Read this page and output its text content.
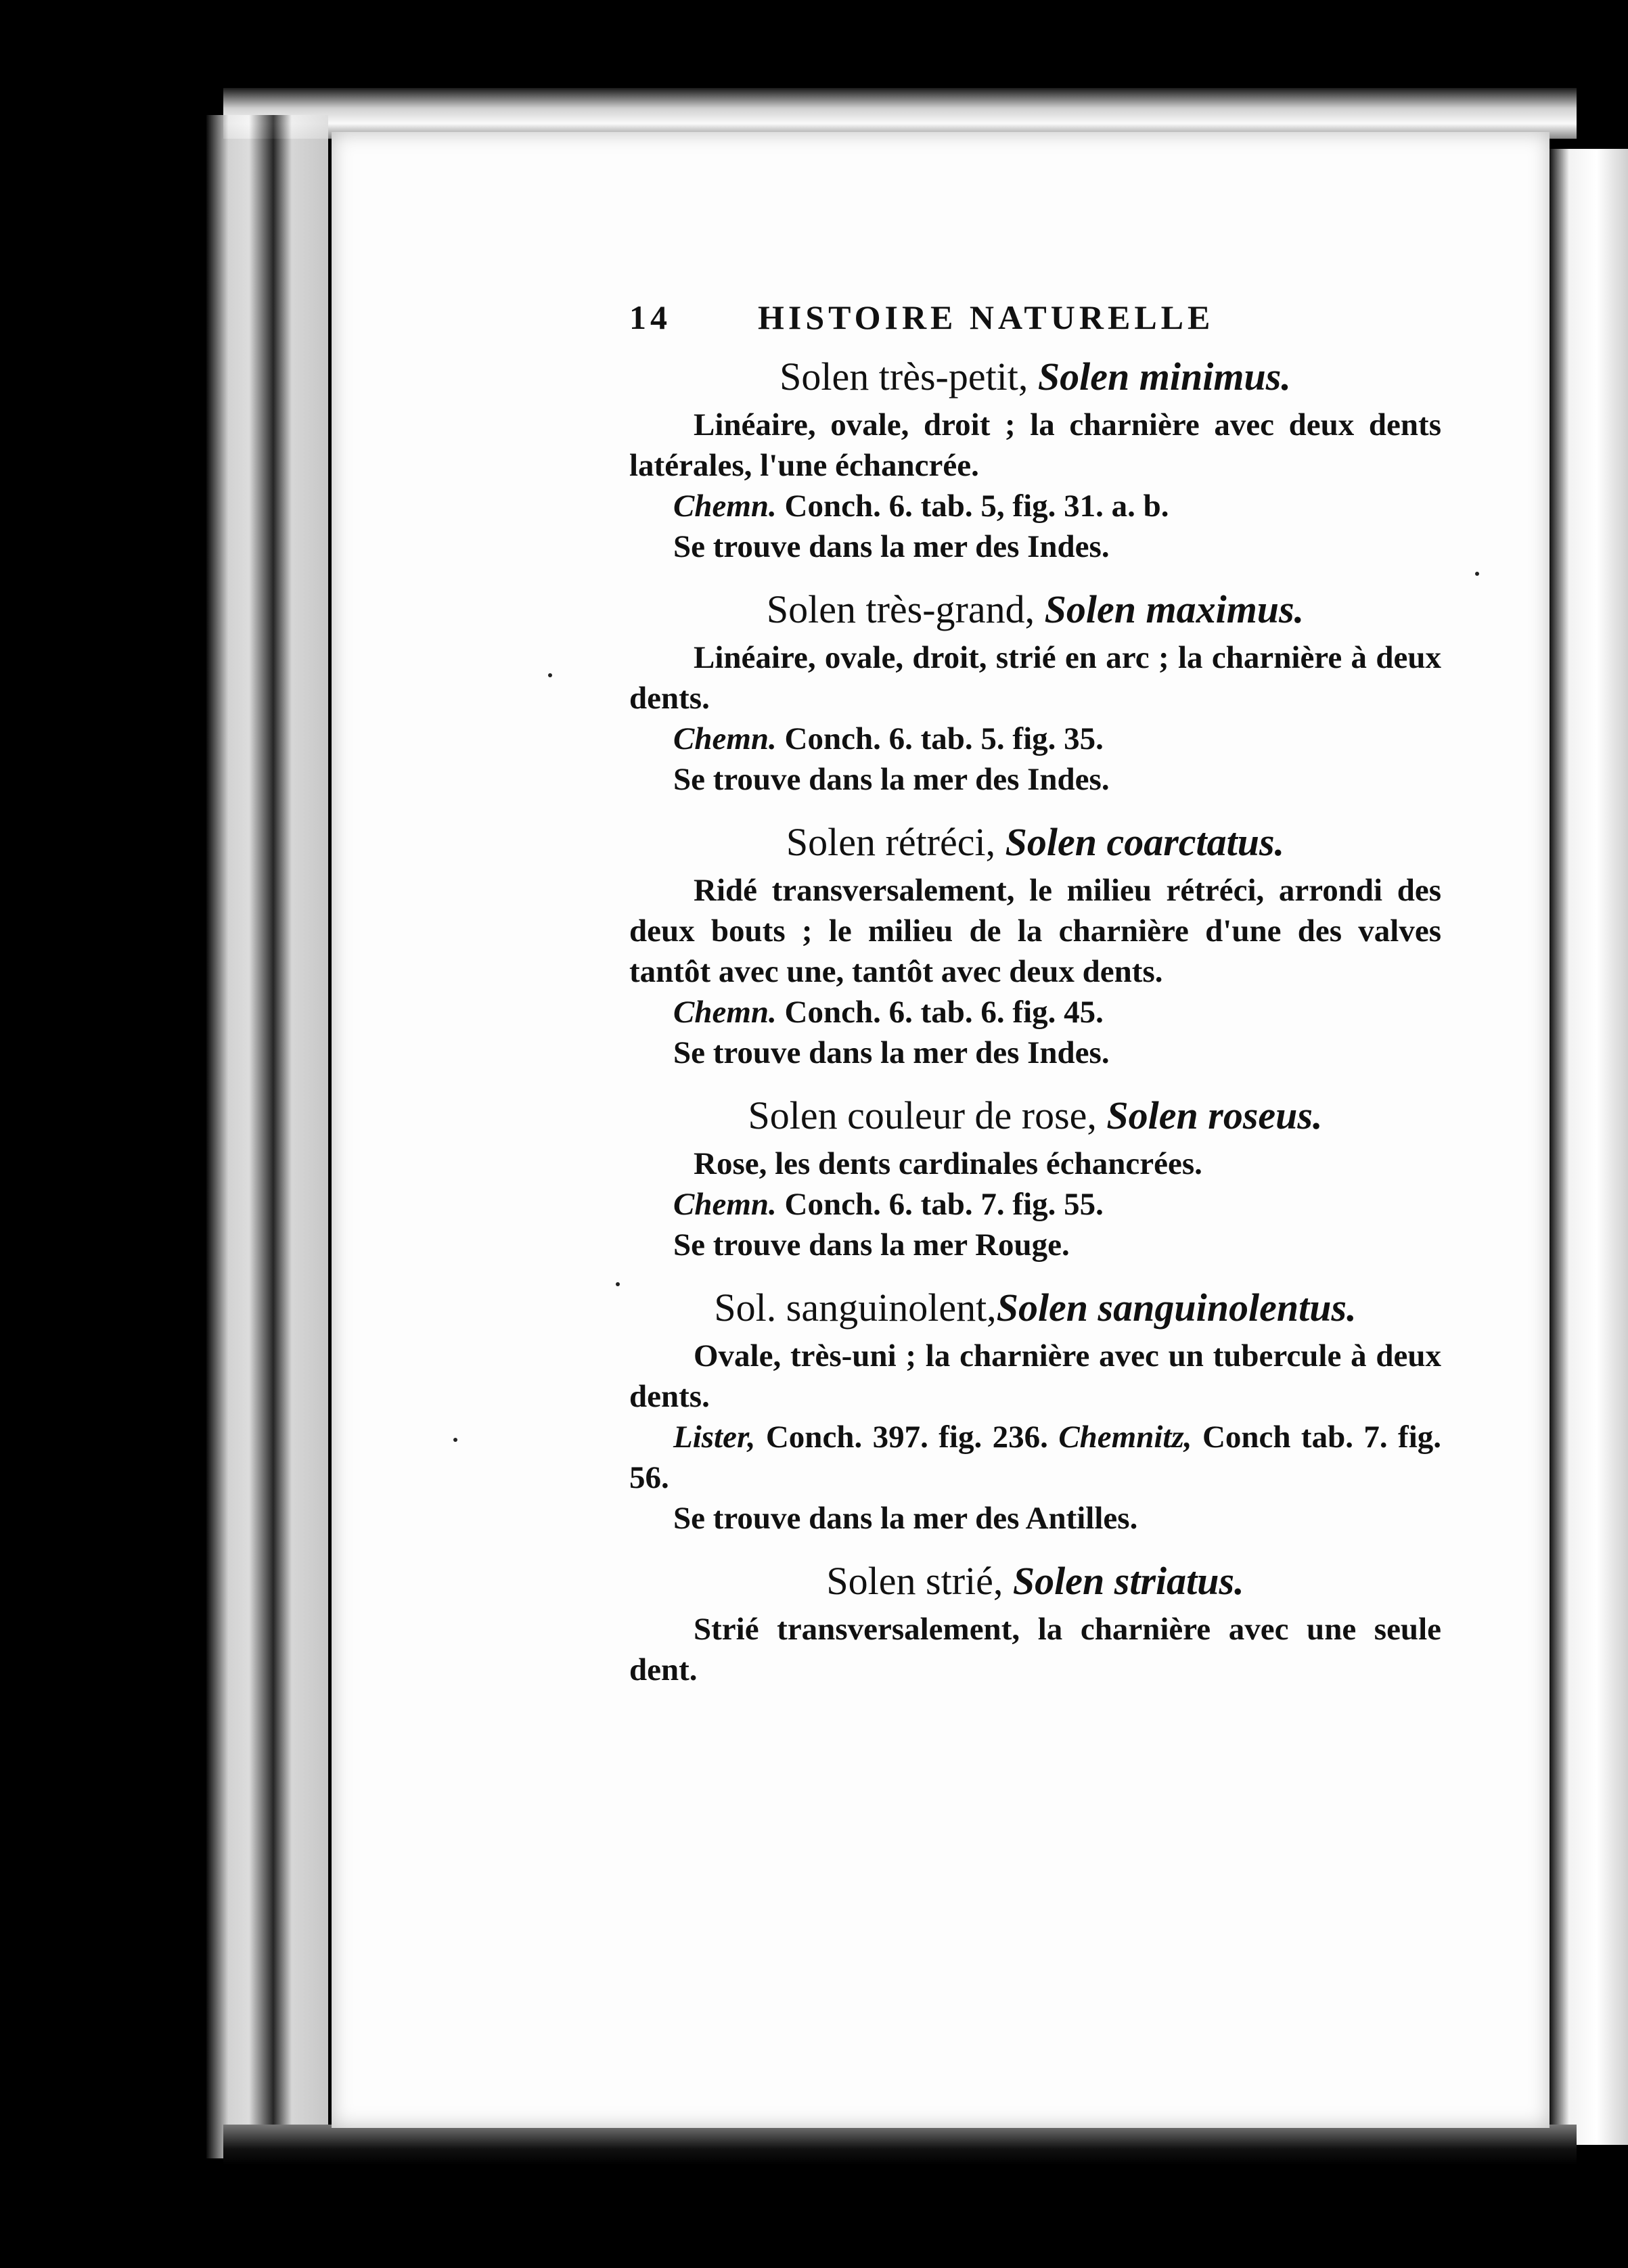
14	HISTOIRE NATURELLE
Solen très-petit, Solen minimus.
Linéaire, ovale, droit ; la charnière avec deux dents latérales, l'une échancrée.
Chemn. Conch. 6. tab. 5, fig. 31. a. b.
Se trouve dans la mer des Indes.
Solen très-grand, Solen maximus.
Linéaire, ovale, droit, strié en arc ; la charnière à deux dents.
Chemn. Conch. 6. tab. 5. fig. 35.
Se trouve dans la mer des Indes.
Solen rétréci, Solen coarctatus.
Ridé transversalement, le milieu rétréci, arrondi des deux bouts ; le milieu de la charnière d'une des valves tantôt avec une, tantôt avec deux dents.
Chemn. Conch. 6. tab. 6. fig. 45.
Se trouve dans la mer des Indes.
Solen couleur de rose, Solen roseus.
Rose, les dents cardinales échancrées.
Chemn. Conch. 6. tab. 7. fig. 55.
Se trouve dans la mer Rouge.
Sol. sanguinolent,Solen sanguinolentus.
Ovale, très-uni ; la charnière avec un tubercule à deux dents.
Lister, Conch. 397. fig. 236. Chemnitz, Conch tab. 7. fig. 56.
Se trouve dans la mer des Antilles.
Solen strié, Solen striatus.
Strié transversalement, la charnière avec une seule dent.
